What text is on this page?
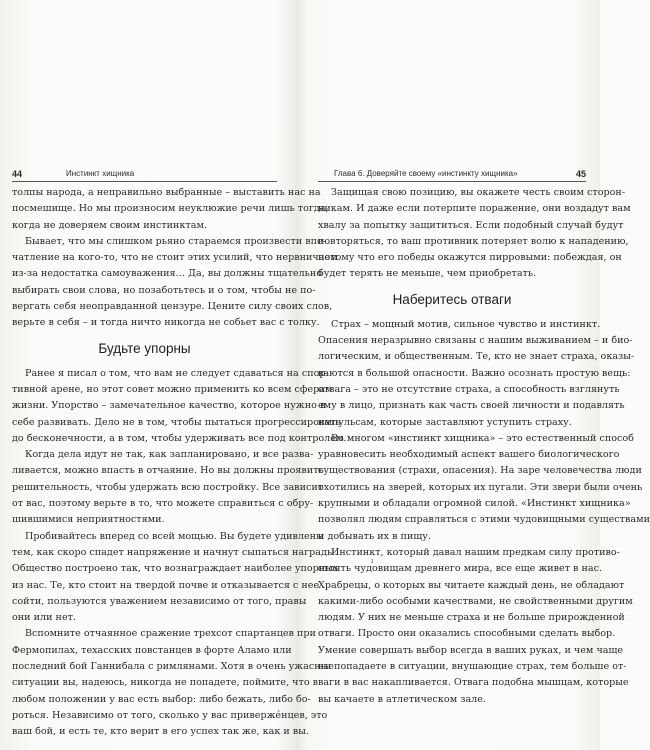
44	Инстинкт хищника
толпы народа, а неправильно выбранные – выставить нас на
посмешище. Но мы произносим неуклюжие речи лишь тогда,
когда не доверяем своим инстинктам.
Бывает, что мы слишком рьяно стараемся произвести впе-
чатление на кого-то, что не стоит этих усилий, что нервничаем
из-за недостатка самоуважения… Да, вы должны тщательно
выбирать свои слова, но позаботьтесь и о том, чтобы не по-
вергать себя неоправданной цензуре. Цените силу своих слов,
верьте в себя – и тогда ничто никогда не собьет вас с толку.
Будьте упорны
Ранее я писал о том, что вам не следует сдаваться на спор-
тивной арене, но этот совет можно применить ко всем сферам
жизни. Упорство – замечательное качество, которое нужно в
себе развивать. Дело не в том, чтобы пытаться прогрессировать
до бесконечности, а в том, чтобы удерживать все под контролем.
Когда дела идут не так, как запланировано, и все разва-
ливается, можно впасть в отчаяние. Но вы должны проявить
решительность, чтобы удержать всю постройку. Все зависит
от вас, поэтому верьте в то, что можете справиться с обру-
шившимися неприятностями.
Пробивайтесь вперед со всей мощью. Вы будете удивлены
тем, как скоро спадет напряжение и начнут сыпаться награды.
Общество построено так, что вознаграждает наиболее упорных
из нас. Те, кто стоит на твердой почве и отказывается с нее
сойти, пользуются уважением независимо от того, правы
они или нет.
Вспомните отчаянное сражение трехсот спартанцев при
Фермопилах, техасских повстанцев в форте Аламо или
последний бой Ганнибала с римлянами. Хотя в очень ужасные
ситуации вы, надеюсь, никогда не попадете, поймите, что в
любом положении у вас есть выбор: либо бежать, либо бо-
роться. Независимо от того, сколько у вас привержéнцев, это
ваш бой, и есть те, кто верит в его успех так же, как и вы.
Глава 6. Доверяйте своему «инстинкту хищника»	45
Защищая свою позицию, вы окажете честь своим сторон-
никам. И даже если потерпите поражение, они воздадут вам
хвалу за попытку защититься. Если подобный случай будут
повторяться, то ваш противник потеряет волю к нападению,
потому что его победы окажутся пирровыми: побеждая, он
будет терять не меньше, чем приобретать.
Наберитесь отваги
Страх – мощный мотив, сильное чувство и инстинкт.
Опасения неразрывно связаны с нашим выживанием – и био-
логическим, и общественным. Те, кто не знает страха, оказы-
ваются в большой опасности. Важно осознать простую вещь:
отвага – это не отсутствие страха, а способность взглянуть
ему в лицо, признать как часть своей личности и подавлять
импульсам, которые заставляют уступить страху.
Во многом «инстинкт хищника» – это естественный способ
уравновесить необходимый аспект вашего биологического
существования (страхи, опасения). На заре человечества люди
охотились на зверей, которых их пугали. Эти звери были очень
крупными и обладали огромной силой. «Инстинкт хищника»
позволял людям справляться с этими чудовищными существами
и добывать их в пищу.
Инстинкт, который давал нашим предкам силу противо-
стоять чудовищам древнего мира, все еще живет в нас.
Храбрецы, о которых вы читаете каждый день, не обладают
какими-либо особыми качествами, не свойственными другим
людям. У них не меньше страха и не больше прирожденной
отваги. Просто они оказались способными сделать выбор.
Умение совершать выбор всегда в ваших руках, и чем чаще
вы попадаете в ситуации, внушающие страх, тем больше от-
ваги в вас накапливается. Отвага подобна мышцам, которые
вы качаете в атлетическом зале.
ı
